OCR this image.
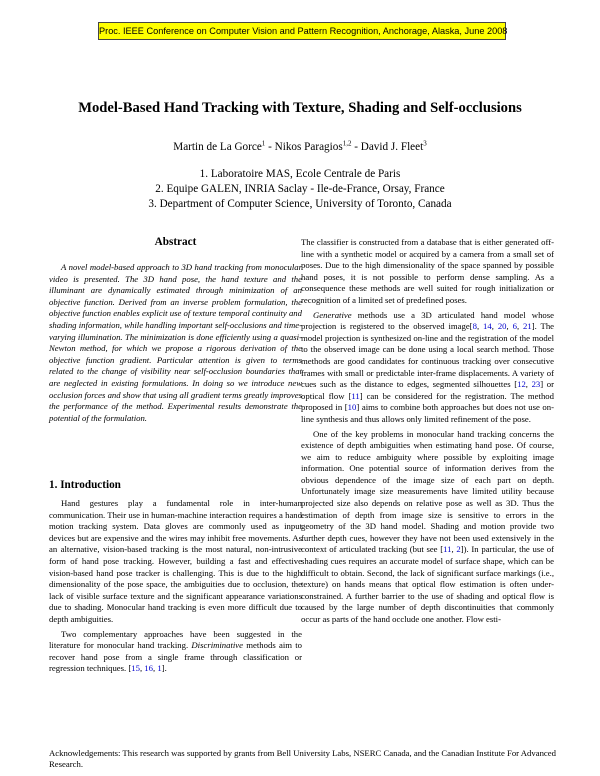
Proc. IEEE Conference on Computer Vision and Pattern Recognition, Anchorage, Alaska, June 2008
Model-Based Hand Tracking with Texture, Shading and Self-occlusions
Martin de La Gorce$^1$ - Nikos Paragios$^{1,2}$ - David J. Fleet$^3$
1. Laboratoire MAS, Ecole Centrale de Paris
2. Equipe GALEN, INRIA Saclay - Ile-de-France, Orsay, France
3. Department of Computer Science, University of Toronto, Canada
Abstract

A novel model-based approach to 3D hand tracking from monocular video is presented. The 3D hand pose, the hand texture and the illuminant are dynamically estimated through minimization of an objective function. Derived from an inverse problem formulation, the objective function enables explicit use of texture temporal continuity and shading information, while handling important self-occlusions and time-varying illumination. The minimization is done efficiently using a quasi-Newton method, for which we propose a rigorous derivation of the objective function gradient. Particular attention is given to terms related to the change of visibility near self-occlusion boundaries that are neglected in existing formulations. In doing so we introduce new occlusion forces and show that using all gradient terms greatly improves the performance of the method. Experimental results demonstrate the potential of the formulation.

1. Introduction

Hand gestures play a fundamental role in inter-human communication. Their use in human-machine interaction requires a hand motion tracking system. Data gloves are commonly used as input devices but are expensive and the wires may inhibit free movements. As an alternative, vision-based tracking is the most natural, non-intrusive form of hand pose tracking. However, building a fast and effective vision-based hand pose tracker is challenging. This is due to the high dimensionality of the pose space, the ambiguities due to occlusion, the lack of visible surface texture and the significant appearance variations due to shading. Monocular hand tracking is even more difficult due to depth ambiguities.

Two complementary approaches have been suggested in the literature for monocular hand tracking. Discriminative methods aim to recover hand pose from a single frame through classification or regression techniques. [15, 16, 1].

The classifier is constructed from a database that is either generated off-line with a synthetic model or acquired by a camera from a small set of poses. Due to the high dimensionality of the space spanned by possible hand poses, it is not possible to perform dense sampling. As a consequence these methods are well suited for rough initialization or recognition of a limited set of predefined poses.

Generative methods use a 3D articulated hand model whose projection is registered to the observed image[8, 14, 20, 6, 21]. The model projection is synthesized on-line and the registration of the model to the observed image can be done using a local search method. Those methods are good candidates for continuous tracking over consecutive frames with small or predictable inter-frame displacements. A variety of cues such as the distance to edges, segmented silhouettes [12, 23] or optical flow [11] can be considered for the registration. The method proposed in [10] aims to combine both approaches but does not use on-line synthesis and thus allows only limited refinement of the pose.

One of the key problems in monocular hand tracking concerns the existence of depth ambiguities when estimating hand pose. Of course, we aim to reduce ambiguity where possible by exploiting image information. One potential source of information derives from the obvious dependence of the image size of each part on depth. Unfortunately image size measurements have limited utility because projected size also depends on relative pose as well as 3D. Thus the estimation of depth from image size is sensitive to errors in the geometry of the 3D hand model. Shading and motion provide two further depth cues, however they have not been used extensively in the context of articulated tracking (but see [11, 2]). In particular, the use of shading cues requires an accurate model of surface shape, which can be difficult to obtain. Second, the lack of significant surface markings (i.e., texture) on hands means that optical flow estimation is often under-constrained. A further barrier to the use of shading and optical flow is caused by the large number of depth discontinuities that commonly occur as parts of the hand occlude one another. Flow esti-

Acknowledgements: This research was supported by grants from Bell University Labs, NSERC Canada, and the Canadian Institute For Advanced Research.
